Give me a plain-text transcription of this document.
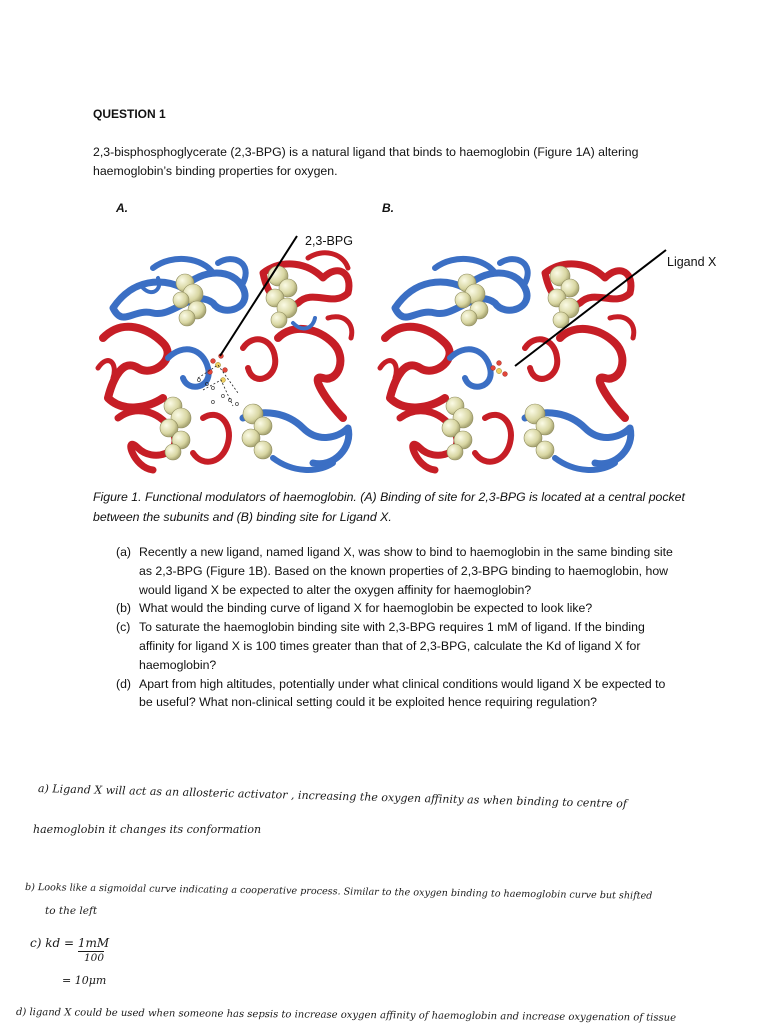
QUESTION 1
2,3-bisphosphoglycerate (2,3-BPG) is a natural ligand that binds to haemoglobin (Figure 1A) altering haemoglobin’s binding properties for oxygen.
A.	B.
o
o
o
o
o
o
o
2,3-BPG
Ligand X
Figure 1. Functional modulators of haemoglobin. (A) Binding of site for 2,3-BPG is located at a central pocket between the subunits and (B) binding site for Ligand X.
(a) Recently a new ligand, named ligand X, was show to bind to haemoglobin in the same binding site as 2,3-BPG (Figure 1B). Based on the known properties of 2,3-BPG binding to haemoglobin, how would ligand X be expected to alter the oxygen affinity for haemoglobin?
(b) What would the binding curve of ligand X for haemoglobin be expected to look like?
(c) To saturate the haemoglobin binding site with 2,3-BPG requires 1 mM of ligand. If the binding affinity for ligand X is 100 times greater than that of 2,3-BPG, calculate the Kd of ligand X for haemoglobin?
(d) Apart from high altitudes, potentially under what clinical conditions would ligand X be expected to be useful? What non-clinical setting could it be exploited hence requiring regulation?
a) Ligand X will act as an allosteric activator , increasing the oxygen affinity as when binding to centre of
haemoglobin it changes its conformation
b) Looks like a sigmoidal curve indicating a cooperative process. Similar to the oxygen binding to haemoglobin curve but shifted
to the left
c) kd = 1mM
100
= 10μm
d) ligand X could be used when someone has sepsis to increase oxygen affinity of haemoglobin and increase oxygenation of tissue
